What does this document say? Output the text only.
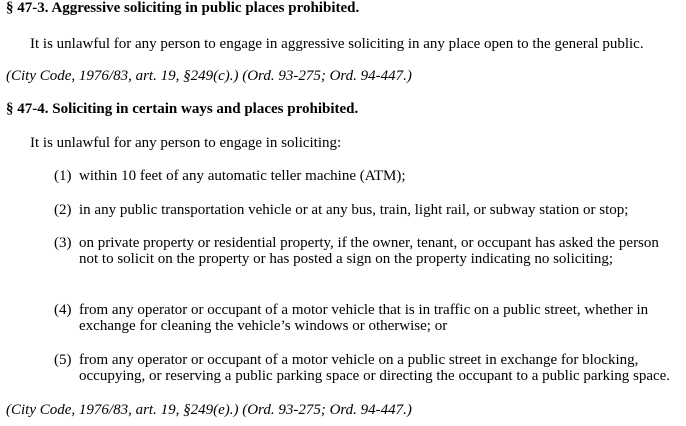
§ 47-3. Aggressive soliciting in public places prohibited.
It is unlawful for any person to engage in aggressive soliciting in any place open to the general public.
(City Code, 1976/83, art. 19, §249(c).) (Ord. 93-275; Ord. 94-447.)
§ 47-4. Soliciting in certain ways and places prohibited.
It is unlawful for any person to engage in soliciting:
(1) within 10 feet of any automatic teller machine (ATM);
(2) in any public transportation vehicle or at any bus, train, light rail, or subway station or stop;
(3) on private property or residential property, if the owner, tenant, or occupant has asked the person not to solicit on the property or has posted a sign on the property indicating no soliciting;
(4) from any operator or occupant of a motor vehicle that is in traffic on a public street, whether in exchange for cleaning the vehicle’s windows or otherwise; or
(5) from any operator or occupant of a motor vehicle on a public street in exchange for blocking, occupying, or reserving a public parking space or directing the occupant to a public parking space.
(City Code, 1976/83, art. 19, §249(e).) (Ord. 93-275; Ord. 94-447.)
